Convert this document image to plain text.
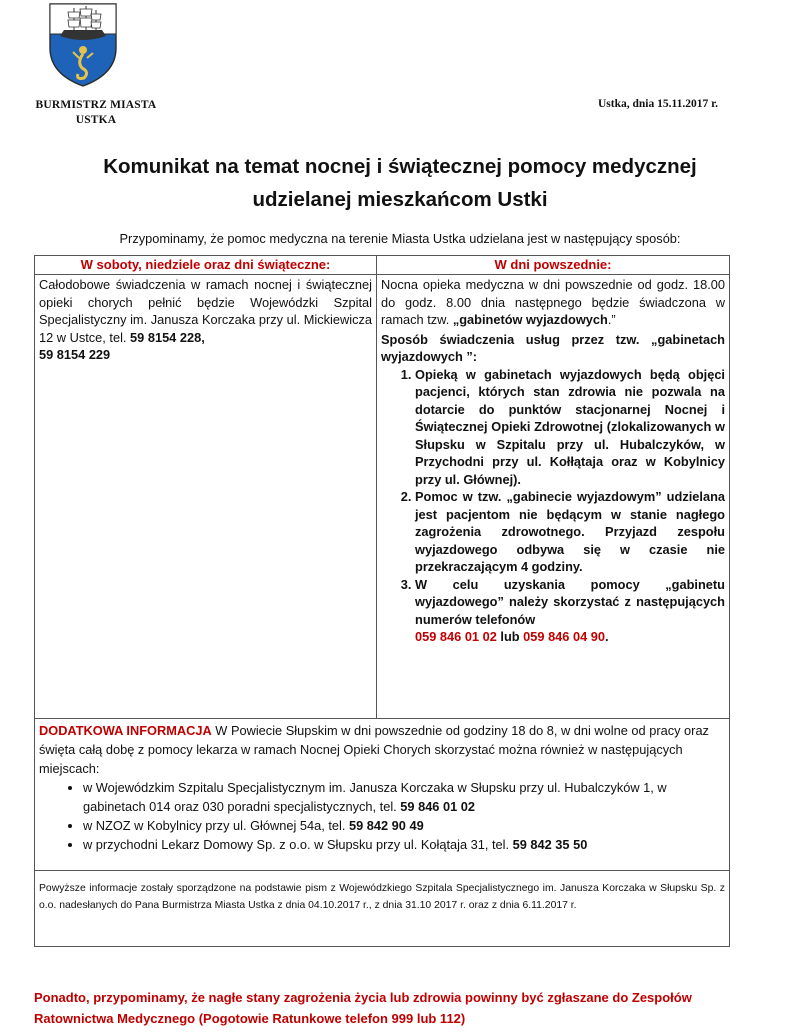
BURMISTRZ MIASTA
USTKA
Ustka, dnia 15.11.2017 r.
Komunikat na temat nocnej i świątecznej pomocy medycznej
udzielanej mieszkańcom Ustki
Przypominamy, że pomoc medyczna na terenie Miasta Ustka udzielana jest w następujący sposób:
W soboty, niedziele oraz dni świąteczne:	W dni powszednie:
Całodobowe świadczenia w ramach nocnej i świątecznej opieki chorych pełnić będzie Wojewódzki Szpital Specjalistyczny im. Janusza Korczaka przy ul. Mickiewicza 12 w Ustce, tel. 59 8154 228,
59 8154 229
Nocna opieka medyczna w dni powszednie od godz. 18.00 do godz. 8.00 dnia następnego będzie świadczona w ramach tzw. „gabinetów wyjazdowych.”
Sposób świadczenia usług przez tzw. „gabinetach wyjazdowych ”:
1. Opieką w gabinetach wyjazdowych będą objęci pacjenci, których stan zdrowia nie pozwala na dotarcie do punktów stacjonarnej Nocnej i Świątecznej Opieki Zdrowotnej (zlokalizowanych w Słupsku w Szpitalu przy ul. Hubalczyków, w Przychodni przy ul. Kołłątaja oraz w Kobylnicy przy ul. Głównej).
2. Pomoc w tzw. „gabinecie wyjazdowym” udzielana jest pacjentom nie będącym w stanie nagłego zagrożenia zdrowotnego. Przyjazd zespołu wyjazdowego odbywa się w czasie nie przekraczającym 4 godziny.
3. W celu uzyskania pomocy „gabinetu wyjazdowego” należy skorzystać z następujących numerów telefonów
059 846 01 02 lub 059 846 04 90.
DODATKOWA INFORMACJA W Powiecie Słupskim w dni powszednie od godziny 18 do 8, w dni wolne od pracy oraz święta całą dobę z pomocy lekarza w ramach Nocnej Opieki Chorych skorzystać można również w następujących miejscach:
• w Wojewódzkim Szpitalu Specjalistycznym im. Janusza Korczaka w Słupsku przy ul. Hubalczyków 1, w gabinetach 014 oraz 030 poradni specjalistycznych, tel. 59 846 01 02
• w NZOZ w Kobylnicy przy ul. Głównej 54a, tel. 59 842 90 49
• w przychodni Lekarz Domowy Sp. z o.o. w Słupsku przy ul. Kołątaja 31, tel. 59 842 35 50
Powyższe informacje zostały sporządzone na podstawie pism z Wojewódzkiego Szpitala Specjalistycznego im. Janusza Korczaka w Słupsku Sp. z o.o. nadesłanych do Pana Burmistrza Miasta Ustka z dnia 04.10.2017 r., z dnia 31.10 2017 r. oraz z dnia 6.11.2017 r.
Ponadto, przypominamy, że nagłe stany zagrożenia życia lub zdrowia powinny być zgłaszane do Zespołów
Ratownictwa Medycznego (Pogotowie Ratunkowe telefon 999 lub 112)
